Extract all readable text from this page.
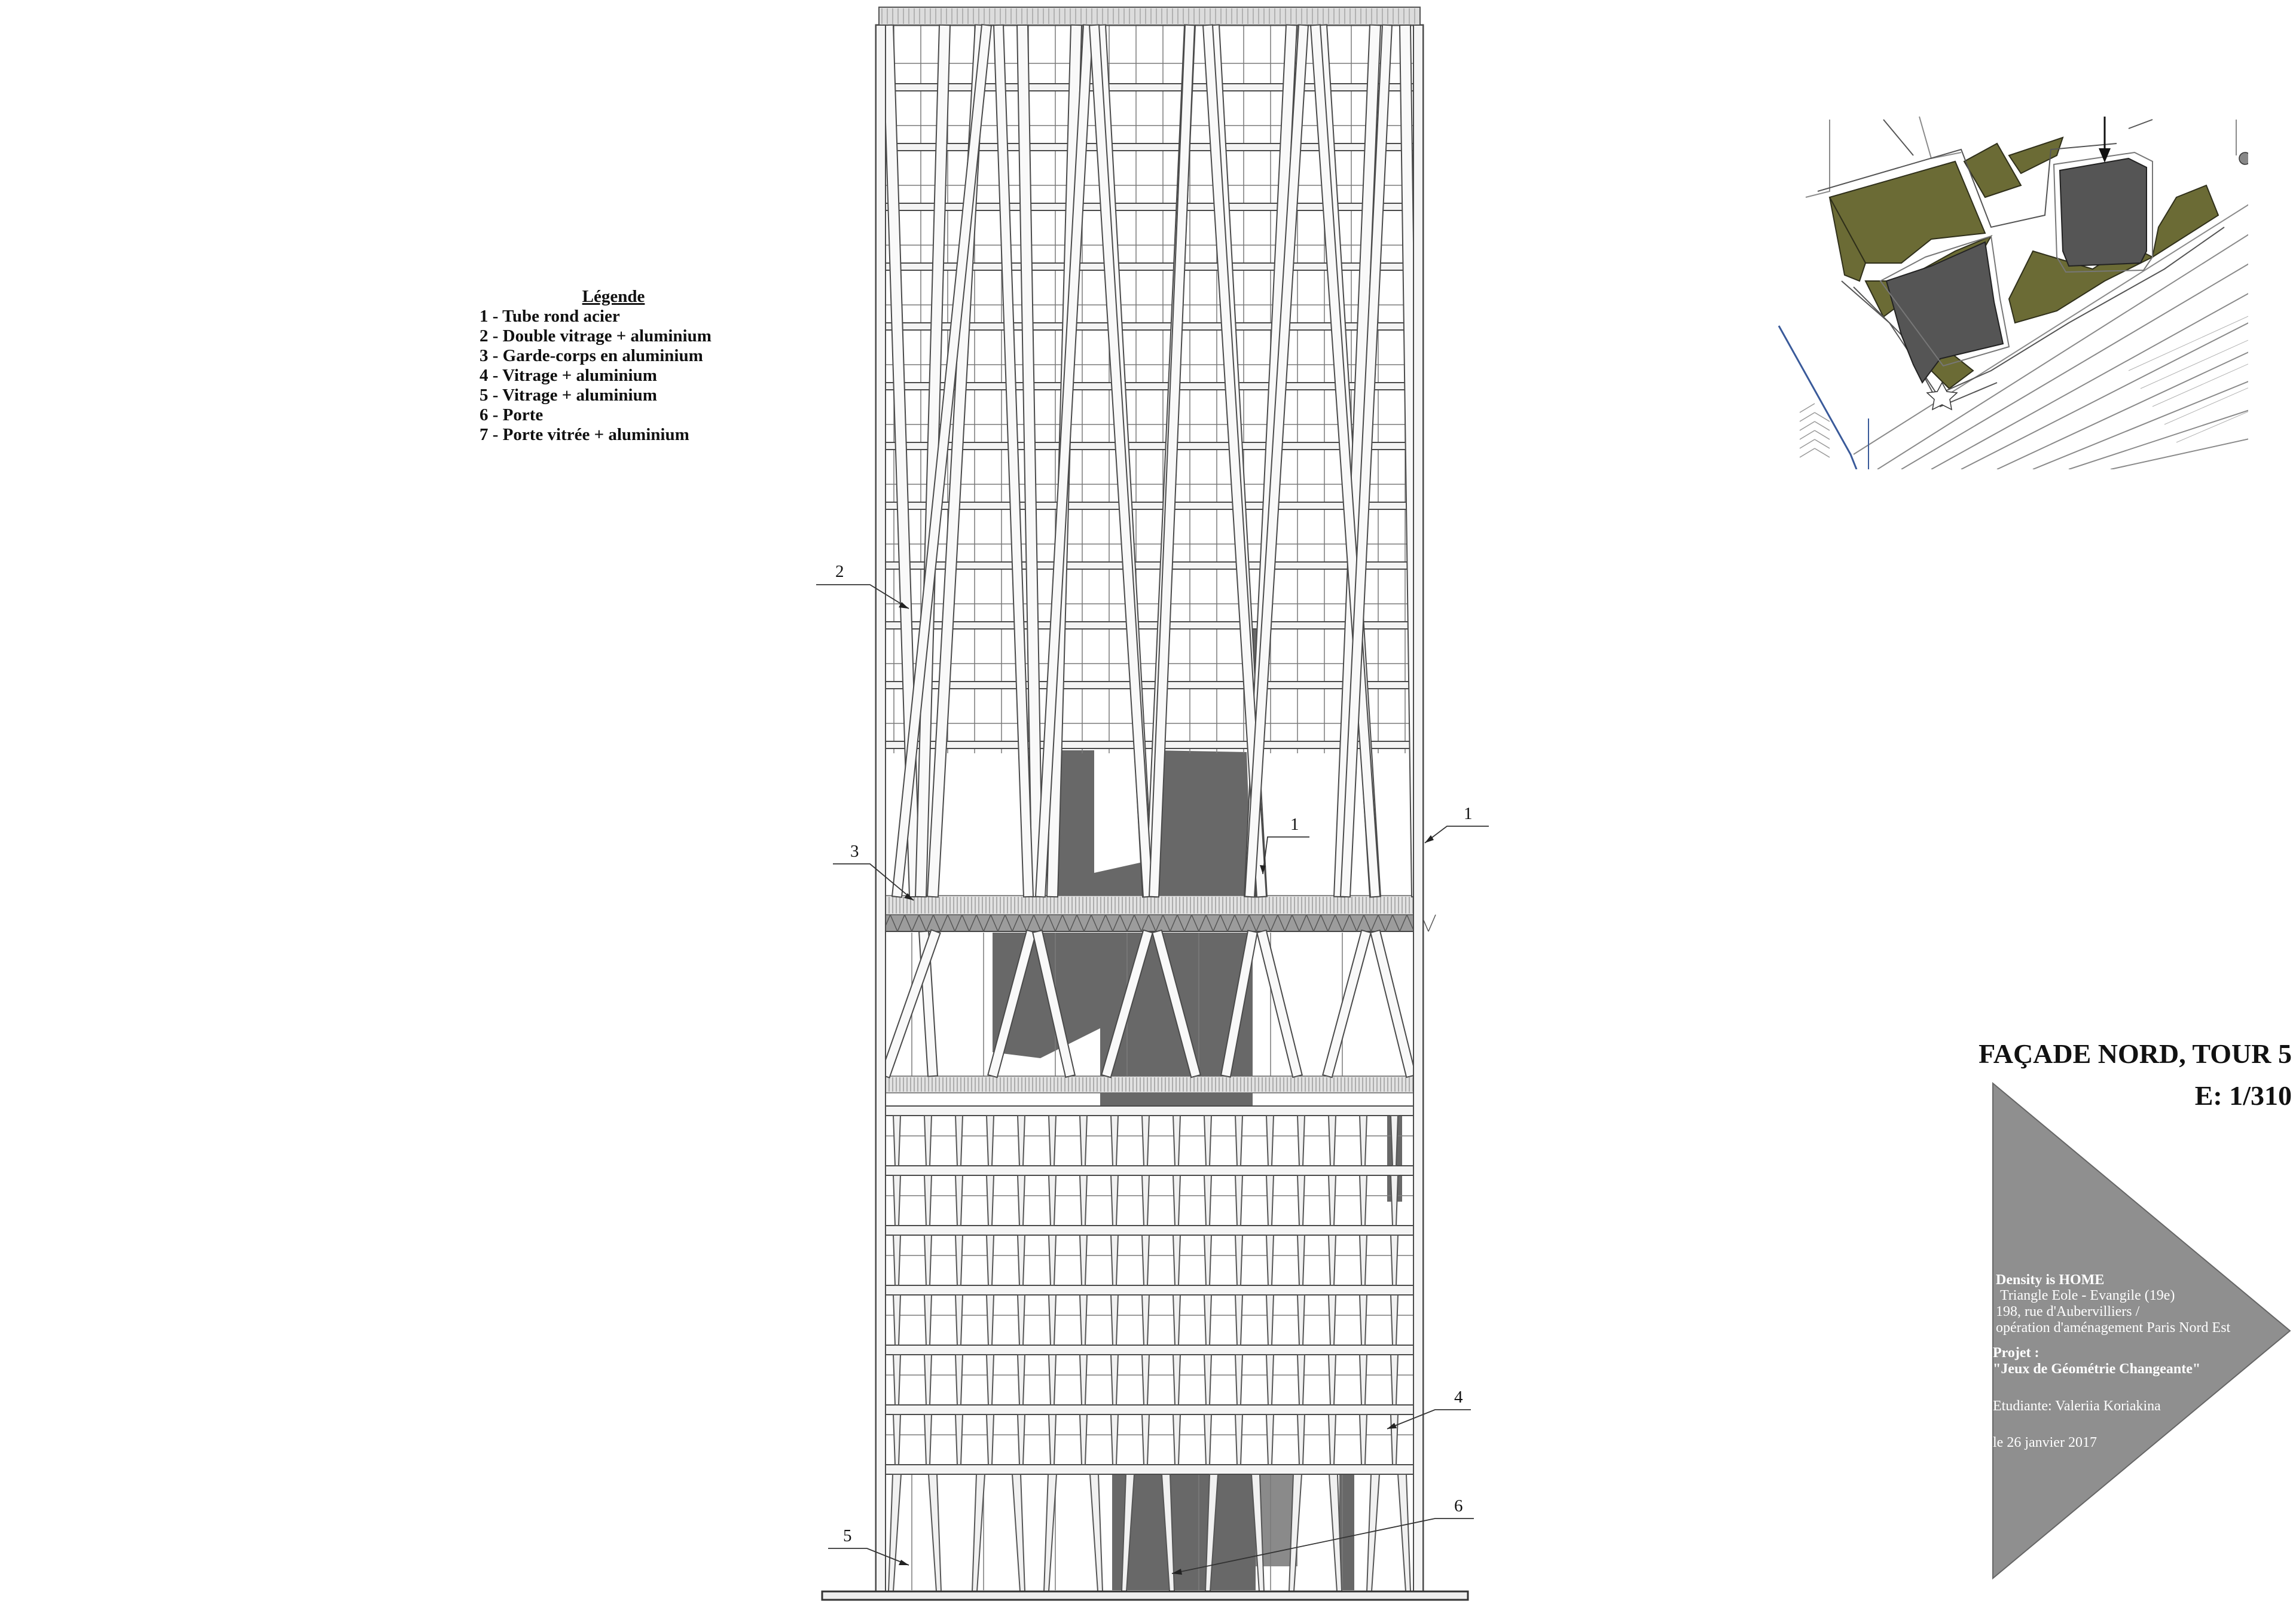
Légende
1 - Tube rond acier
2 - Double vitrage + aluminium
3 - Garde-corps en aluminium
4 - Vitrage + aluminium
5 - Vitrage + aluminium
6 - Porte
7 - Porte vitrée + aluminium
2
3
1
1
4
5
6
FAÇADE NORD, TOUR 5
E: 1/310
Density is HOME
Triangle Eole - Evangile (19e)
198, rue d'Aubervilliers /
opération d'aménagement Paris Nord Est
Projet :
"Jeux de Géométrie Changeante"
Etudiante: Valeriia Koriakina
le 26 janvier 2017
